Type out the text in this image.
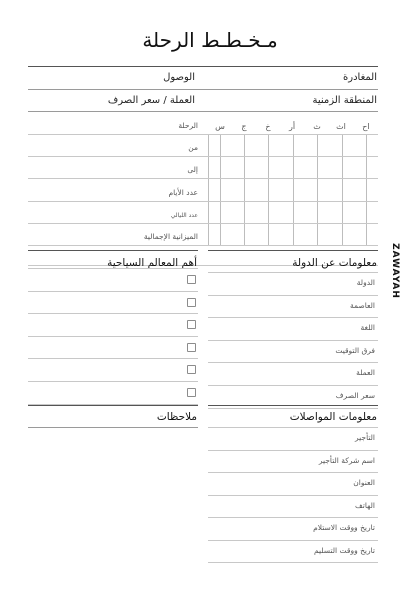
مـخـطـط الرحلة
المغادرة
الوصول
المنطقة الزمنية
العملة / سعر الصرف
اح
اث
ث
أر
خ
ج
س
الرحلة
من
إلى
عدد الأيام
عدد الليالي
الميزانية الإجمالية
معلومات عن الدولة
أهم المعالم السياحية
الدولة
العاصمة
اللغة
فرق التوقيت
العملة
سعر الصرف
معلومات المواصلات
ملاحظات
التأجير
اسم شركة التأجير
العنوان
الهاتف
تاريخ ووقت الاستلام
تاريخ ووقت التسليم
ZAWAYAH
